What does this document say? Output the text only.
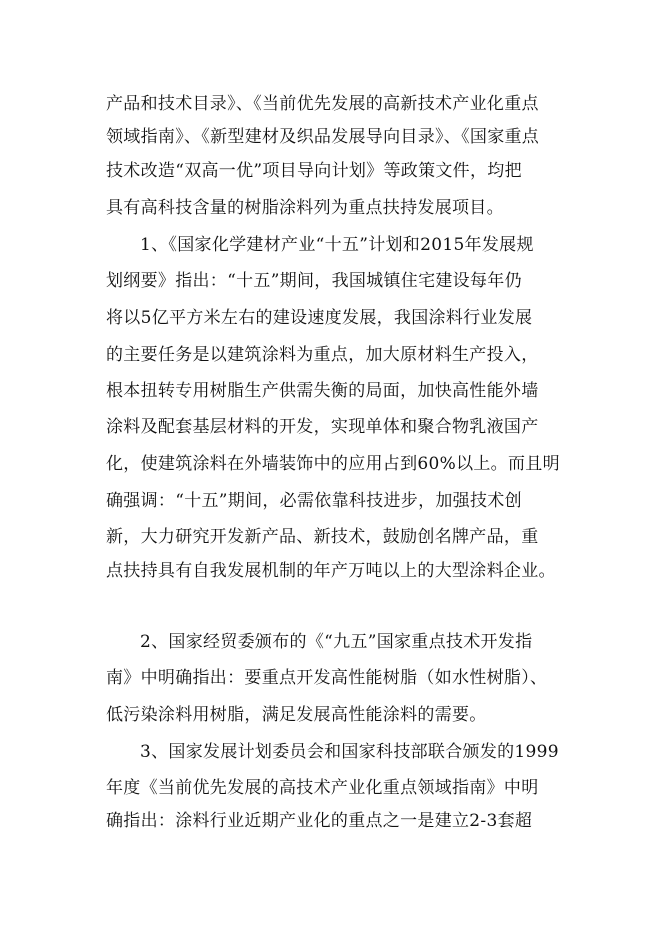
产品和技术目录》、《当前优先发展的高新技术产业化重点
领域指南》、《新型建材及织品发展导向目录》、《国家重点
技术改造“双高一优”项目导向计划》等政策文件，均把
具有高科技含量的树脂涂料列为重点扶持发展项目。
1、《国家化学建材产业“十五”计划和2015年发展规
划纲要》指出：“十五”期间，我国城镇住宅建设每年仍
将以5亿平方米左右的建设速度发展，我国涂料行业发展
的主要任务是以建筑涂料为重点，加大原材料生产投入，
根本扭转专用树脂生产供需失衡的局面，加快高性能外墙
涂料及配套基层材料的开发，实现单体和聚合物乳液国产
化，使建筑涂料在外墙装饰中的应用占到60%以上。而且明
确强调：“十五”期间，必需依靠科技进步，加强技术创
新，大力研究开发新产品、新技术，鼓励创名牌产品，重
点扶持具有自我发展机制的年产万吨以上的大型涂料企业。
2、国家经贸委颁布的《“九五”国家重点技术开发指
南》中明确指出：要重点开发高性能树脂（如水性树脂）、
低污染涂料用树脂，满足发展高性能涂料的需要。
3、国家发展计划委员会和国家科技部联合颁发的1999
年度《当前优先发展的高技术产业化重点领域指南》中明
确指出：涂料行业近期产业化的重点之一是建立2-3套超
